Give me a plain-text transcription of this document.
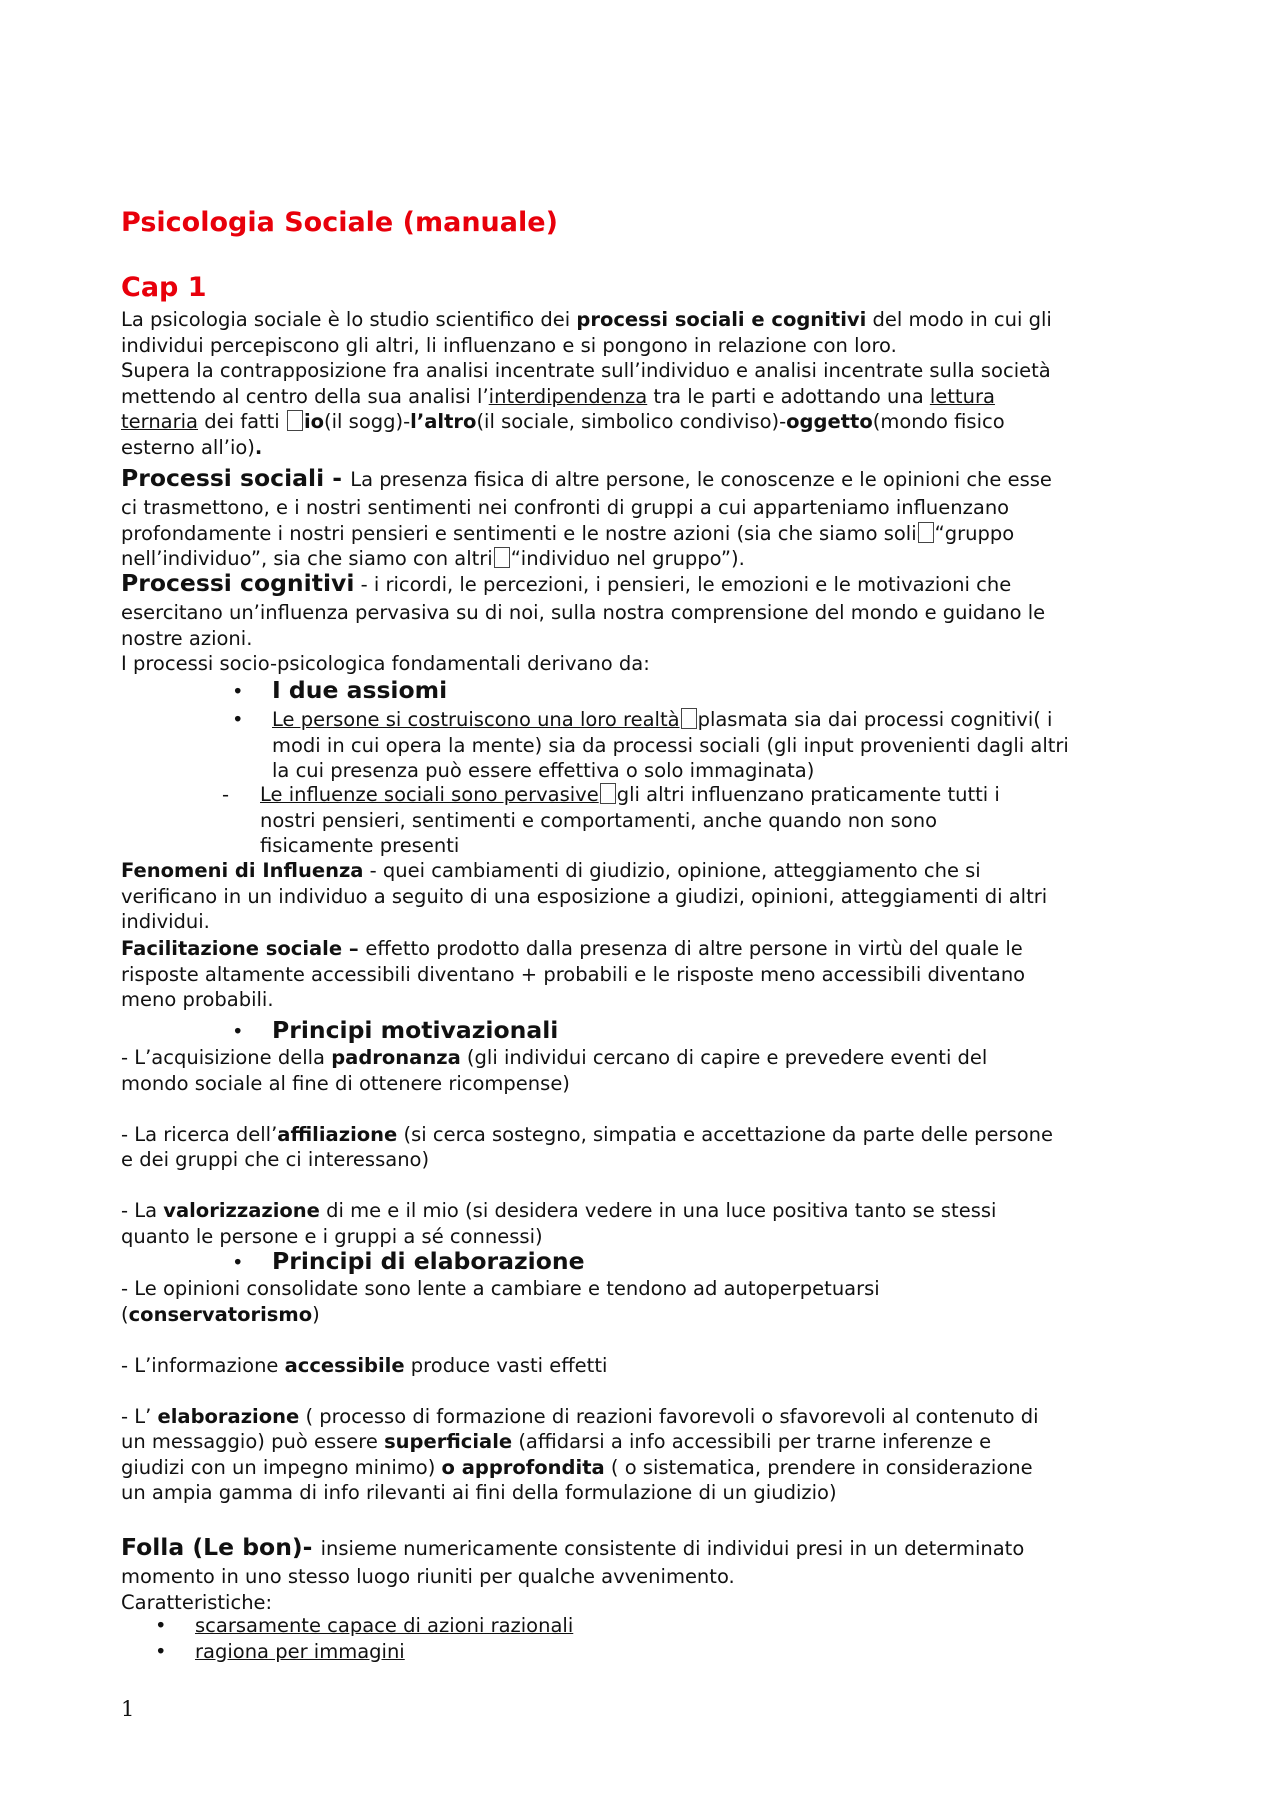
Psicologia Sociale (manuale)
Cap 1
La psicologia sociale è lo studio scientifico dei processi sociali e cognitivi del modo in cui gli
individui percepiscono gli altri, li influenzano e si pongono in relazione con loro.
Supera la contrapposizione fra analisi incentrate sull’individuo e analisi incentrate sulla società
mettendo al centro della sua analisi l’interdipendenza tra le parti e adottando una lettura
ternaria dei fatti io(il sogg)-l’altro(il sociale, simbolico condiviso)-oggetto(mondo fisico
esterno all’io).
Processi sociali - La presenza fisica di altre persone, le conoscenze e le opinioni che esse
ci trasmettono, e i nostri sentimenti nei confronti di gruppi a cui apparteniamo influenzano
profondamente i nostri pensieri e sentimenti e le nostre azioni (sia che siamo soli “gruppo
nell’individuo”, sia che siamo con altri “individuo nel gruppo”).
Processi cognitivi - i ricordi, le percezioni, i pensieri, le emozioni e le motivazioni che
esercitano un’influenza pervasiva su di noi, sulla nostra comprensione del mondo e guidano le
nostre azioni.
I processi socio-psicologica fondamentali derivano da:
• I due assiomi
• Le persone si costruiscono una loro realtà plasmata sia dai processi cognitivi( i
modi in cui opera la mente) sia da processi sociali (gli input provenienti dagli altri
la cui presenza può essere effettiva o solo immaginata)
- Le influenze sociali sono pervasive gli altri influenzano praticamente tutti i
nostri pensieri, sentimenti e comportamenti, anche quando non sono
fisicamente presenti
Fenomeni di Influenza - quei cambiamenti di giudizio, opinione, atteggiamento che si
verificano in un individuo a seguito di una esposizione a giudizi, opinioni, atteggiamenti di altri
individui.
Facilitazione sociale – effetto prodotto dalla presenza di altre persone in virtù del quale le
risposte altamente accessibili diventano + probabili e le risposte meno accessibili diventano
meno probabili.
• Principi motivazionali
- L’acquisizione della padronanza (gli individui cercano di capire e prevedere eventi del
mondo sociale al fine di ottenere ricompense)

- La ricerca dell’affiliazione (si cerca sostegno, simpatia e accettazione da parte delle persone
e dei gruppi che ci interessano)

- La valorizzazione di me e il mio (si desidera vedere in una luce positiva tanto se stessi
quanto le persone e i gruppi a sé connessi)
• Principi di elaborazione
- Le opinioni consolidate sono lente a cambiare e tendono ad autoperpetuarsi
(conservatorismo)

- L’informazione accessibile produce vasti effetti

- L’ elaborazione ( processo di formazione di reazioni favorevoli o sfavorevoli al contenuto di
un messaggio) può essere superficiale (affidarsi a info accessibili per trarne inferenze e
giudizi con un impegno minimo) o approfondita ( o sistematica, prendere in considerazione
un ampia gamma di info rilevanti ai fini della formulazione di un giudizio)
Folla (Le bon)- insieme numericamente consistente di individui presi in un determinato
momento in uno stesso luogo riuniti per qualche avvenimento.
Caratteristiche:
• scarsamente capace di azioni razionali
• ragiona per immagini
1
